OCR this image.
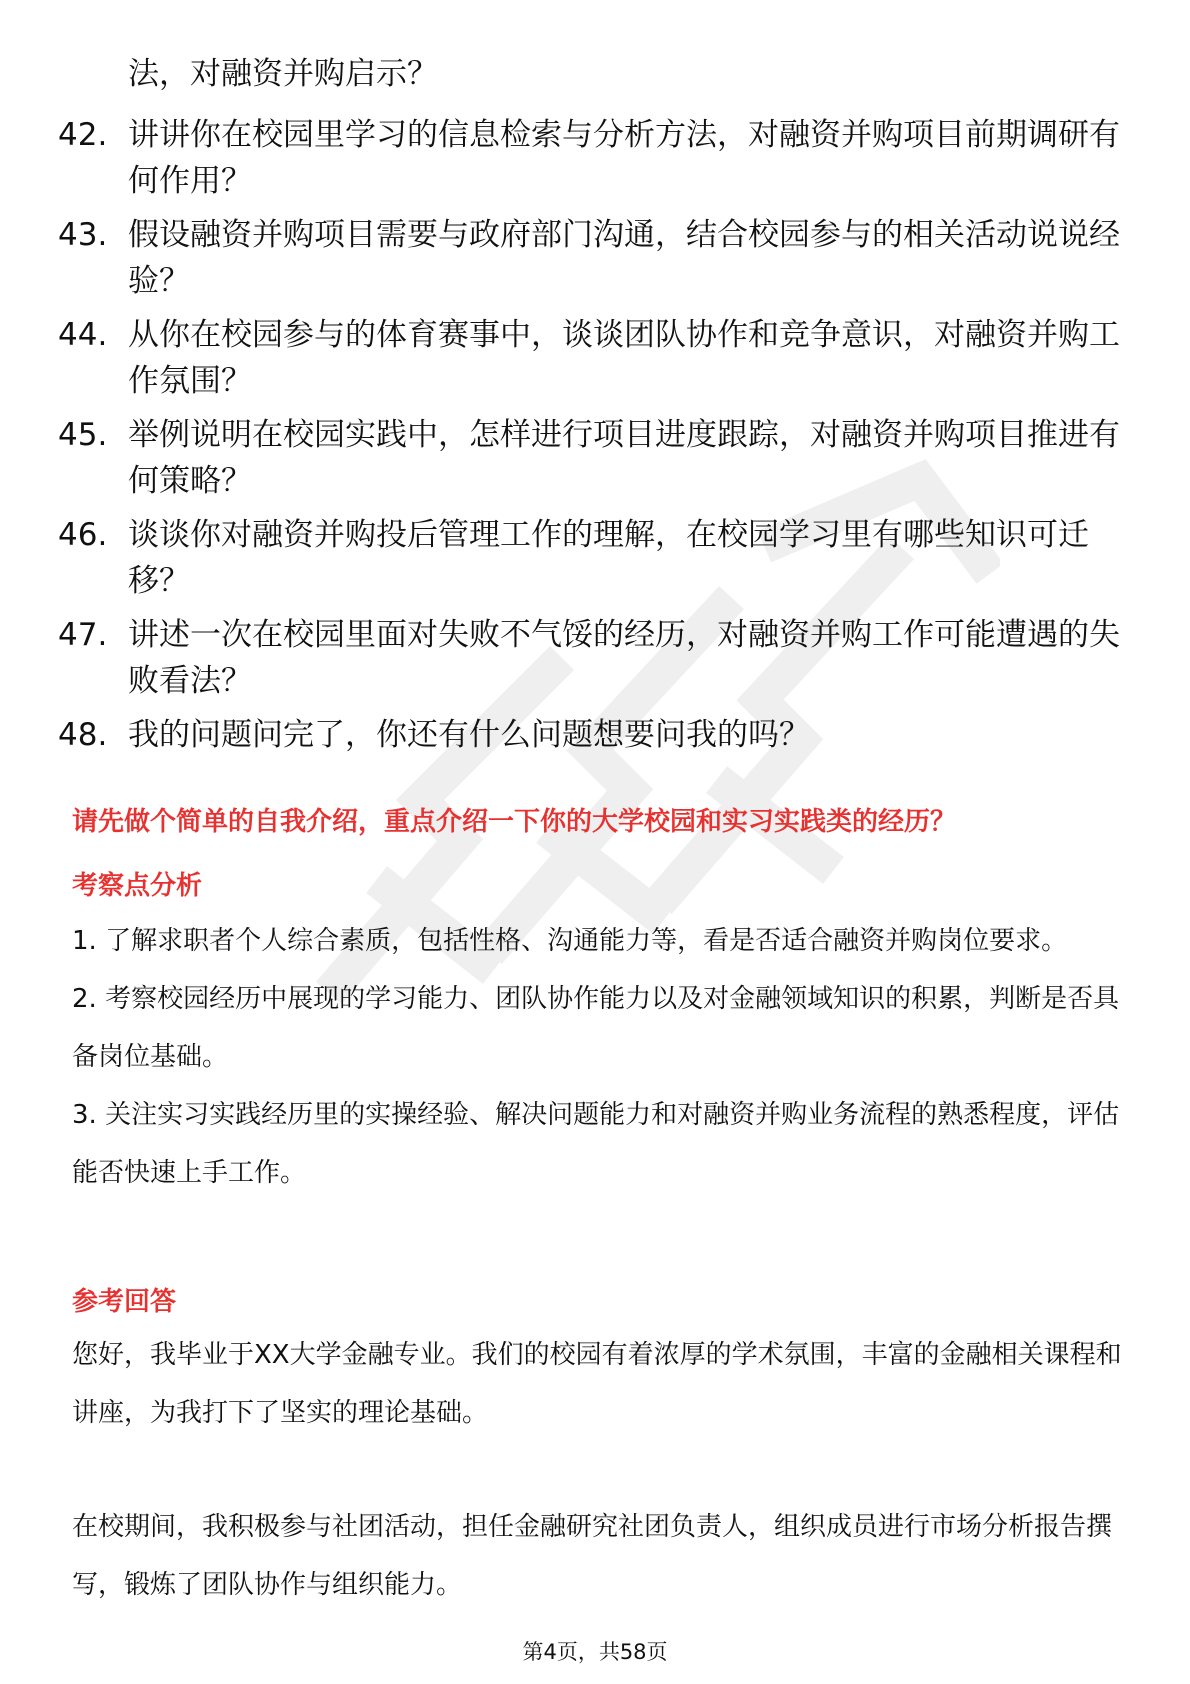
法，对融资并购启示？

42. 讲讲你在校园里学习的信息检索与分析方法，对融资并购项目前期调研有何作用？
43. 假设融资并购项目需要与政府部门沟通，结合校园参与的相关活动说说经验？
44. 从你在校园参与的体育赛事中，谈谈团队协作和竞争意识，对融资并购工作氛围？
45. 举例说明在校园实践中，怎样进行项目进度跟踪，对融资并购项目推进有何策略？
46. 谈谈你对融资并购投后管理工作的理解，在校园学习里有哪些知识可迁移？
47. 讲述一次在校园里面对失败不气馁的经历，对融资并购工作可能遭遇的失败看法？
48. 我的问题问完了，你还有什么问题想要问我的吗？

请先做个简单的自我介绍，重点介绍一下你的大学校园和实习实践类的经历？

考察点分析

1. 了解求职者个人综合素质，包括性格、沟通能力等，看是否适合融资并购岗位要求。

2. 考察校园经历中展现的学习能力、团队协作能力以及对金融领域知识的积累，判断是否具备岗位基础。

3. 关注实习实践经历里的实操经验、解决问题能力和对融资并购业务流程的熟悉程度，评估能否快速上手工作。

参考回答

您好，我毕业于XX大学金融专业。我们的校园有着浓厚的学术氛围，丰富的金融相关课程和讲座，为我打下了坚实的理论基础。

在校期间，我积极参与社团活动，担任金融研究社团负责人，组织成员进行市场分析报告撰写，锻炼了团队协作与组织能力。

第4页，共58页
